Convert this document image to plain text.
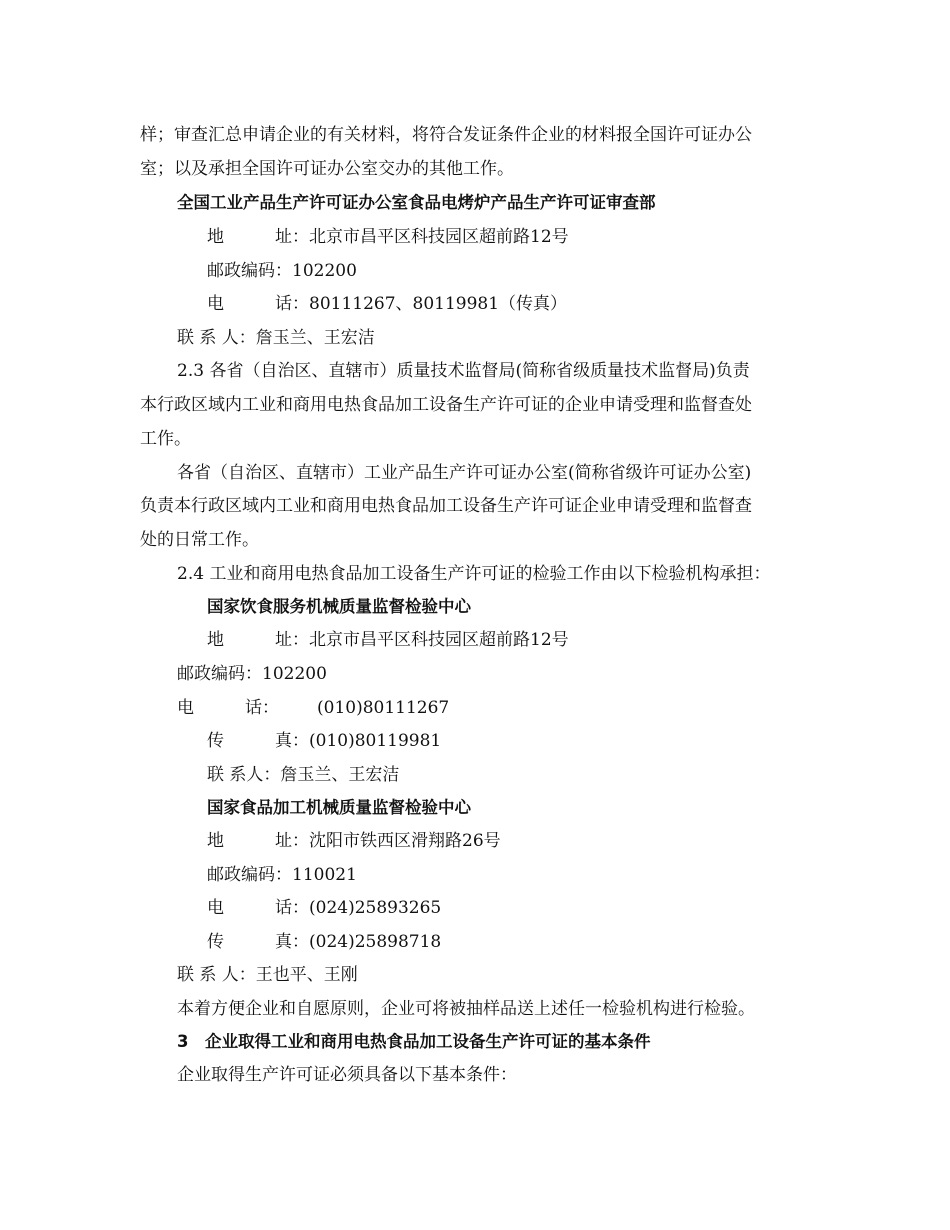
样；审查汇总申请企业的有关材料，将符合发证条件企业的材料报全国许可证办公
室；以及承担全国许可证办公室交办的其他工作。
全国工业产品生产许可证办公室食品电烤炉产品生产许可证审查部
地　　　址：北京市昌平区科技园区超前路12号
邮政编码：102200
电　　　话：80111267、80119981（传真）
联 系 人：詹玉兰、王宏洁
2.3 各省（自治区、直辖市）质量技术监督局(简称省级质量技术监督局)负责
本行政区域内工业和商用电热食品加工设备生产许可证的企业申请受理和监督查处
工作。
各省（自治区、直辖市）工业产品生产许可证办公室(简称省级许可证办公室)
负责本行政区域内工业和商用电热食品加工设备生产许可证企业申请受理和监督查
处的日常工作。
2.4 工业和商用电热食品加工设备生产许可证的检验工作由以下检验机构承担：
国家饮食服务机械质量监督检验中心
地　　　址：北京市昌平区科技园区超前路12号
邮政编码：102200
电　　　话： (010)80111267
传　　　真：(010)80119981
联 系人：詹玉兰、王宏洁
国家食品加工机械质量监督检验中心
地　　　址：沈阳市铁西区滑翔路26号
邮政编码：110021
电　　　话：(024)25893265
传　　　真：(024)25898718
联 系 人：王也平、王刚
本着方便企业和自愿原则，企业可将被抽样品送上述任一检验机构进行检验。
3　企业取得工业和商用电热食品加工设备生产许可证的基本条件
企业取得生产许可证必须具备以下基本条件：
